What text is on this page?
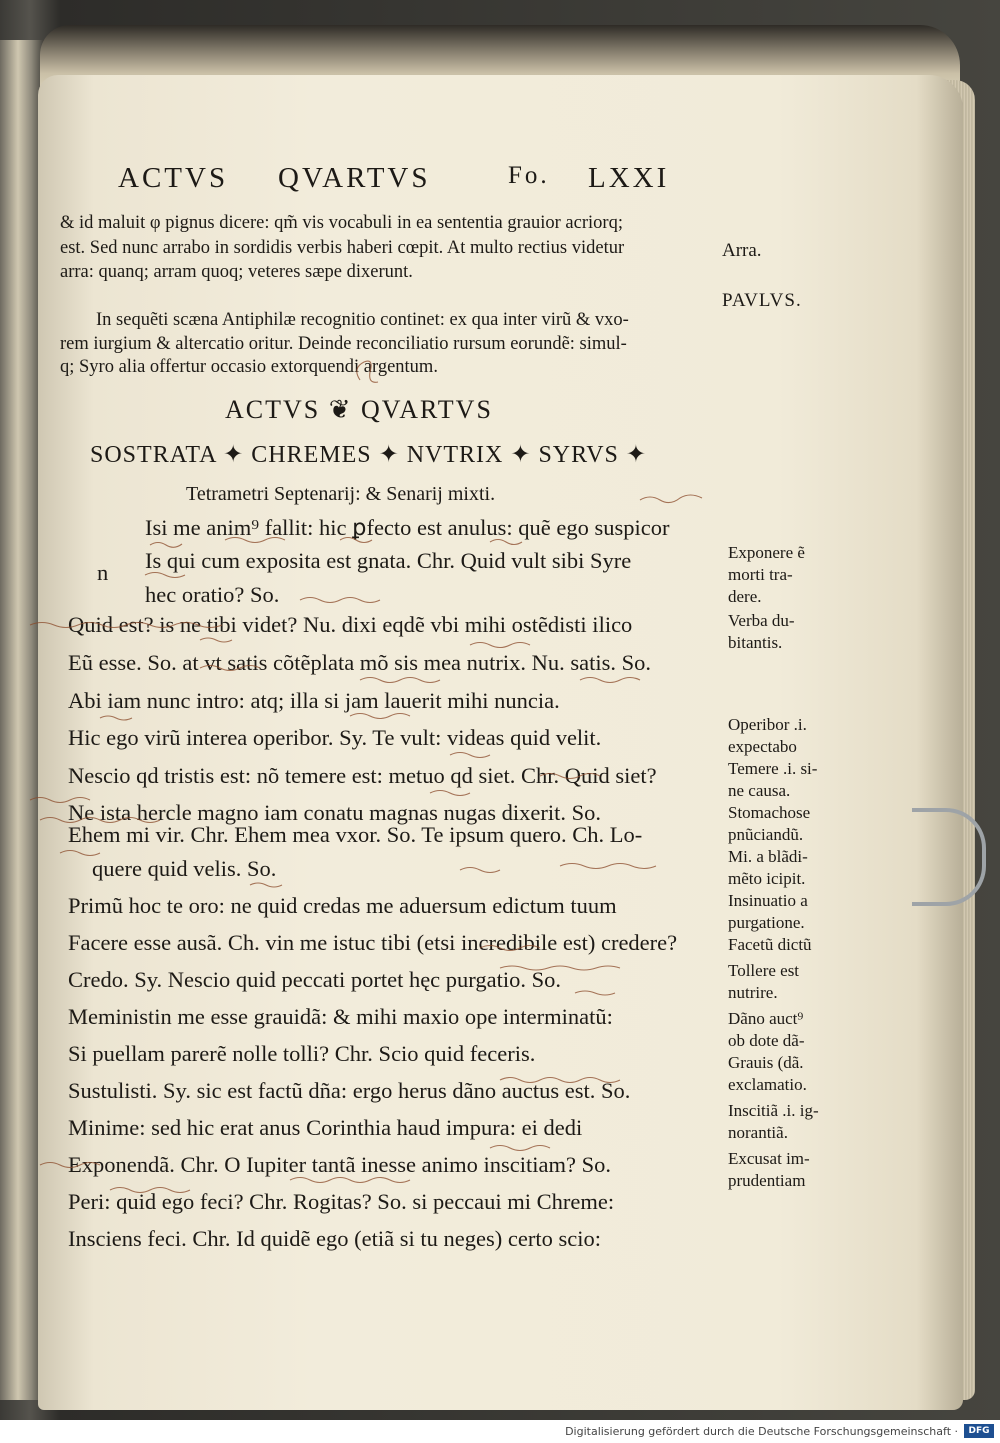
ACTVS QVARTVS	Fo. LXXI
& id maluit φ pignus dicere: qm̃ vis vocabuli in ea sententia grauior acriorq;
est. Sed nunc arrabo in sordidis verbis haberi cœpit. At multo rectius videtur
arra: quanq; arram quoq; veteres sæpe dixerunt.
In sequẽti scæna Antiphilæ recognitio continet: ex qua inter virũ & vxo-
rem iurgium & altercatio oritur. Deinde reconciliatio rursum eorundẽ: simul-
q; Syro alia offertur occasio extorquendi argentum.
Arra.
PAVLVS.
ACTVS ❦ QVARTVS
SOSTRATA ✦ CHREMES ✦ NVTRIX ✦ SYRVS ✦
Tetrametri Septenarij: & Senarij mixti.
n
Isi me anim⁹ fallit: hic ꝑfecto est anulus: quẽ ego suspicor
Is qui cum exposita est gnata. Chr. Quid vult sibi Syre
hec oratio? So.
Quid est? is ne tibi videt? Nu. dixi eqdẽ vbi mihi ostẽdisti ilico
Eũ esse. So. at vt satis cõtẽplata mõ sis mea nutrix. Nu. satis. So.
Abi iam nunc intro: atq; illa si jam lauerit mihi nuncia.
Hic ego virũ interea operibor. Sy. Te vult: videas quid velit.
Nescio qd tristis est: nõ temere est: metuo qd siet. Chr. Quid siet?
Ne ista hercle magno iam conatu magnas nugas dixerit. So.
Ehem mi vir. Chr. Ehem mea vxor. So. Te ipsum quero. Ch. Lo-
quere quid velis. So.
Primũ hoc te oro: ne quid credas me aduersum edictum tuum
Facere esse ausã. Ch. vin me istuc tibi (etsi incredibile est) credere?
Credo. Sy. Nescio quid peccati portet hęc purgatio. So.
Meministin me esse grauidã: & mihi maxio ope interminatũ:
Si puellam parerẽ nolle tolli? Chr. Scio quid feceris.
Sustulisti. Sy. sic est factũ dña: ergo herus dãno auctus est. So.
Minime: sed hic erat anus Corinthia haud impura: ei dedi
Exponendã. Chr. O Iupiter tantã inesse animo inscitiam? So.
Peri: quid ego feci? Chr. Rogitas? So. si peccaui mi Chreme:
Insciens feci. Chr. Id quidẽ ego (etiã si tu neges) certo scio:
Exponere ẽ
morti tra-
dere.
Verba du-
bitantis.
Operibor .i.
expectabo
Temere .i. si-
ne causa.
Stomachose
pnũciandũ.
Mi. a blãdi-
mẽto icipit.
Insinuatio a
purgatione.
Facetũ dictũ
Tollere est
nutrire.
Dãno auct⁹
ob dote dã-
Grauis (dã.
exclamatio.
Inscitiã .i. ig-
norantiã.
Excusat im-
prudentiam
Digitalisierung gefördert durch die Deutsche Forschungsgemeinschaft ·	DFG
